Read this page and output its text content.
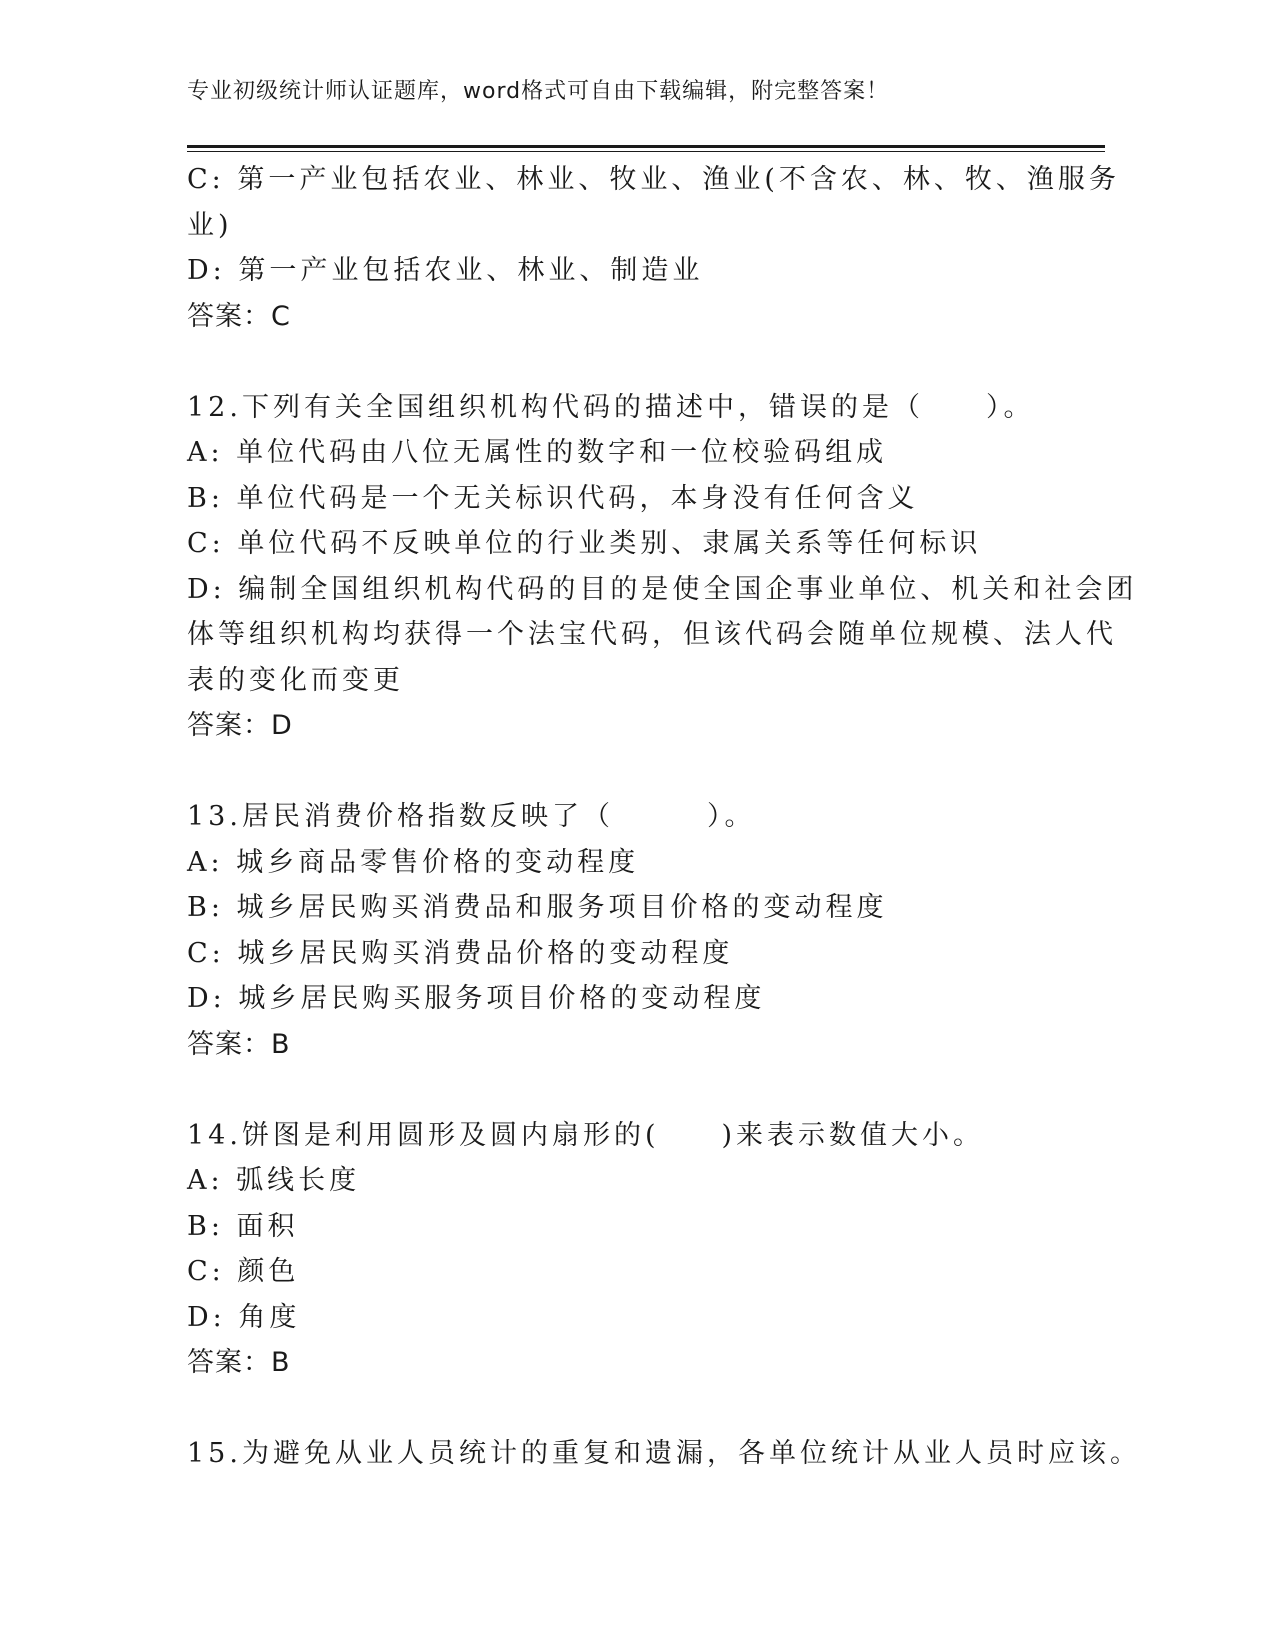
专业初级统计师认证题库，word格式可自由下载编辑，附完整答案！
C: 第一产业包括农业、林业、牧业、渔业(不含农、林、牧、渔服务
业)
D: 第一产业包括农业、林业、制造业
答案：C
12.下列有关全国组织机构代码的描述中，错误的是（　　）。
A: 单位代码由八位无属性的数字和一位校验码组成
B: 单位代码是一个无关标识代码，本身没有任何含义
C: 单位代码不反映单位的行业类别、隶属关系等任何标识
D: 编制全国组织机构代码的目的是使全国企事业单位、机关和社会团
体等组织机构均获得一个法宝代码，但该代码会随单位规模、法人代
表的变化而变更
答案：D
13.居民消费价格指数反映了（　　　）。
A: 城乡商品零售价格的变动程度
B: 城乡居民购买消费品和服务项目价格的变动程度
C: 城乡居民购买消费品价格的变动程度
D: 城乡居民购买服务项目价格的变动程度
答案：B
14.饼图是利用圆形及圆内扇形的(　　)来表示数值大小。
A: 弧线长度
B: 面积
C: 颜色
D: 角度
答案：B
15.为避免从业人员统计的重复和遗漏，各单位统计从业人员时应该。
